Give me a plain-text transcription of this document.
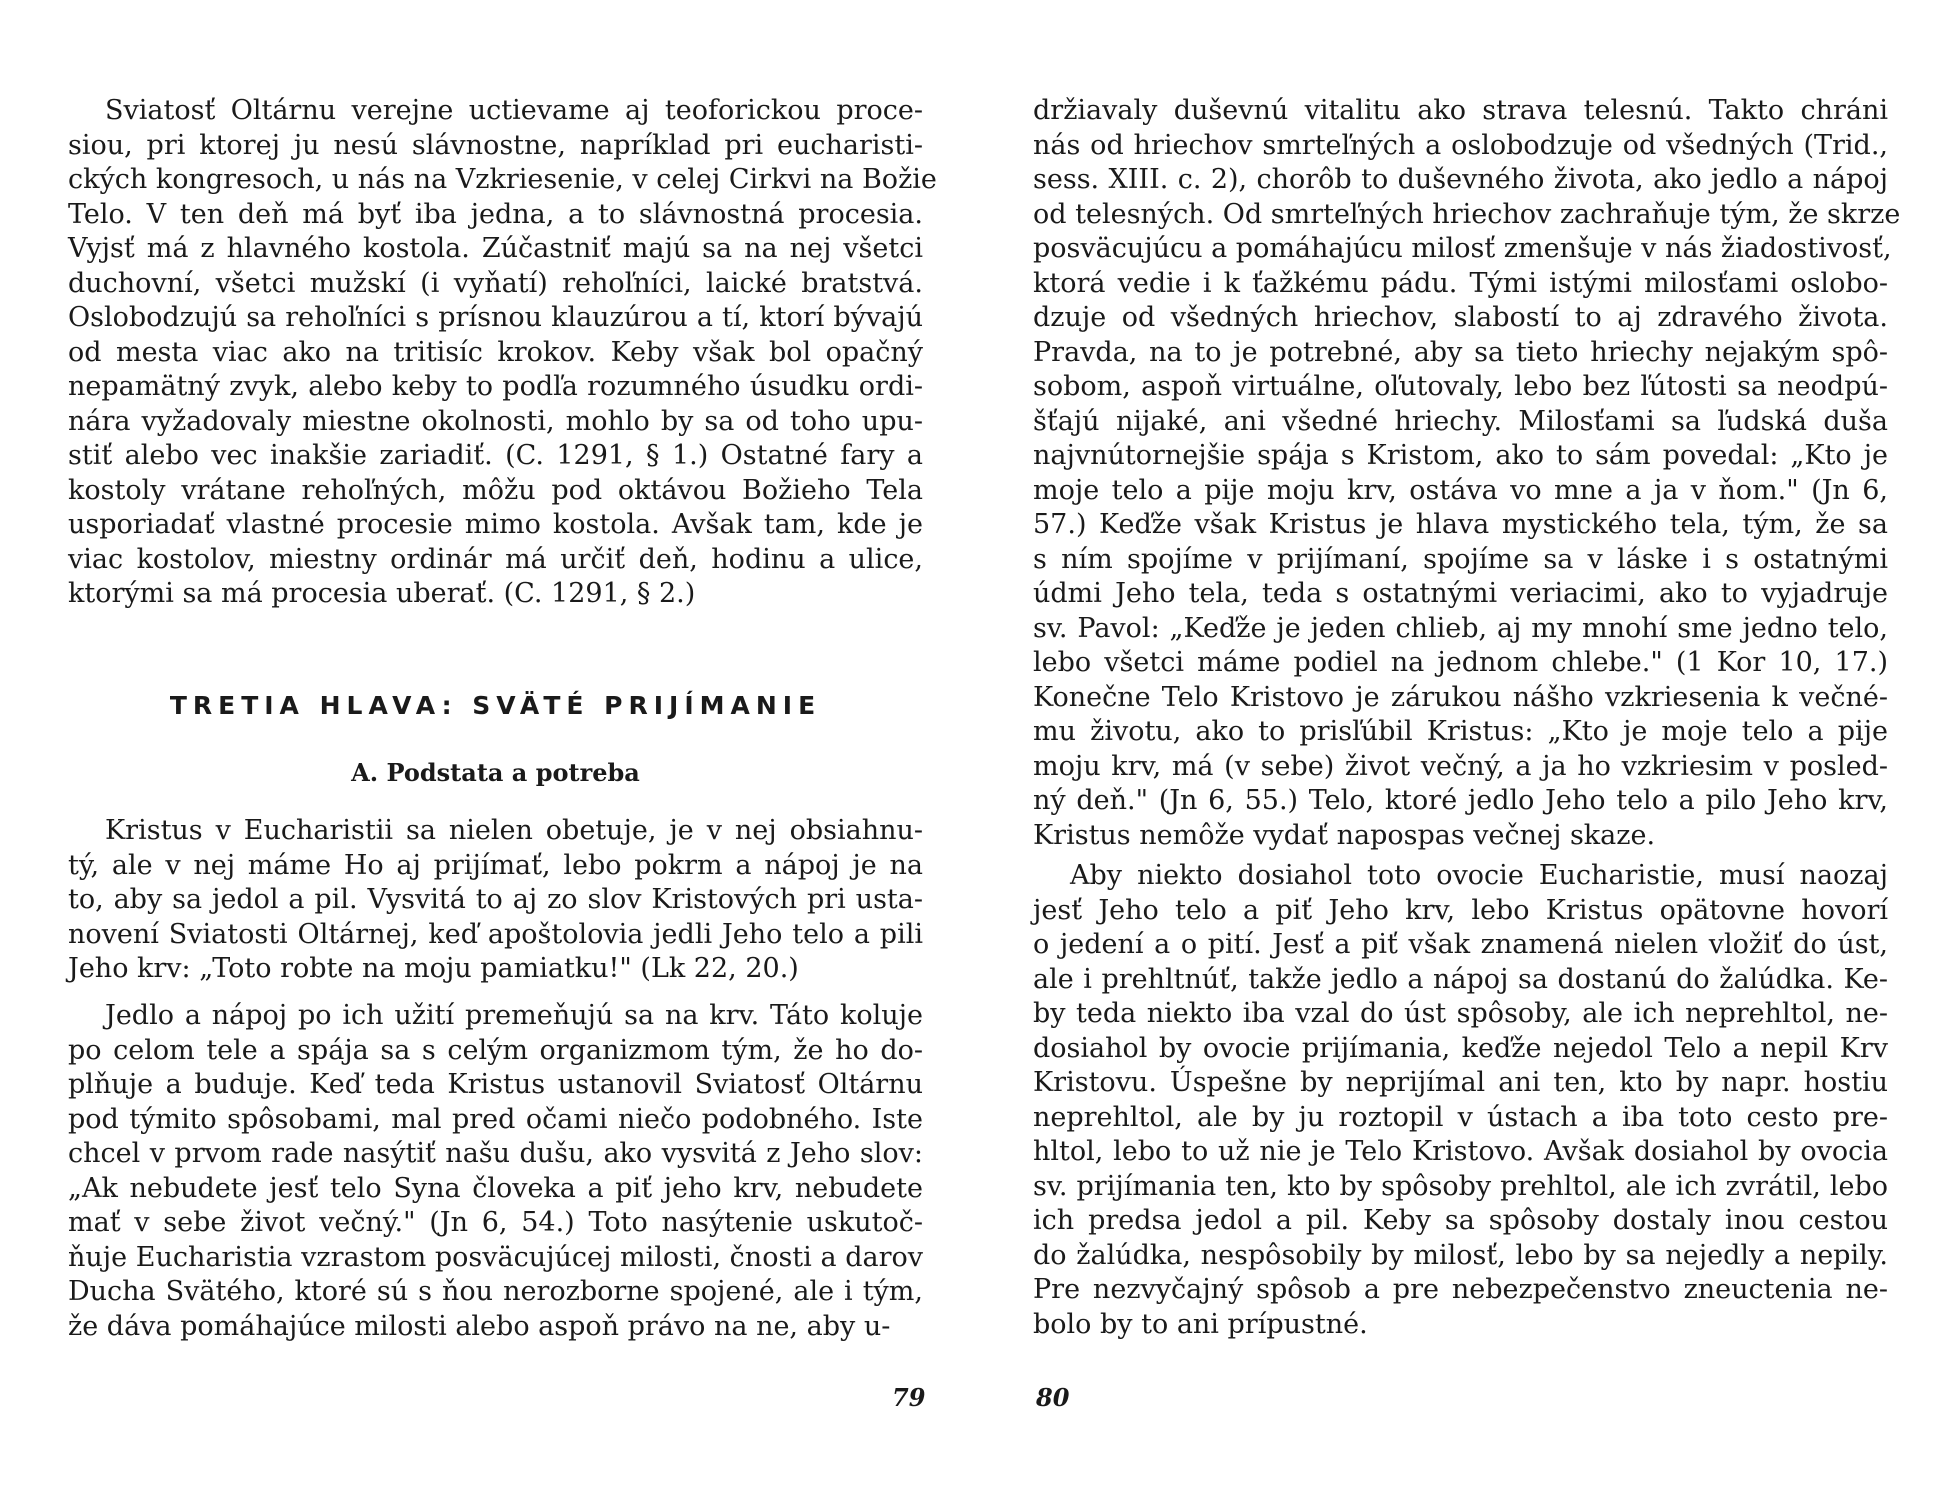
Sviatosť Oltárnu verejne uctievame aj teoforickou proce-
siou, pri ktorej ju nesú slávnostne, napríklad pri eucharisti-
ckých kongresoch, u nás na Vzkriesenie, v celej Cirkvi na Božie
Telo. V ten deň má byť iba jedna, a to slávnostná procesia.
Vyjsť má z hlavného kostola. Zúčastniť majú sa na nej všetci
duchovní, všetci mužskí (i vyňatí) rehoľníci, laické bratstvá.
Oslobodzujú sa rehoľníci s prísnou klauzúrou a tí, ktorí bývajú
od mesta viac ako na tritisíc krokov. Keby však bol opačný
nepamätný zvyk, alebo keby to podľa rozumného úsudku ordi-
nára vyžadovaly miestne okolnosti, mohlo by sa od toho upu-
stiť alebo vec inakšie zariadiť. (C. 1291, § 1.) Ostatné fary a
kostoly vrátane rehoľných, môžu pod oktávou Božieho Tela
usporiadať vlastné procesie mimo kostola. Avšak tam, kde je
viac kostolov, miestny ordinár má určiť deň, hodinu a ulice,
ktorými sa má procesia uberať. (C. 1291, § 2.)
TRETIA HLAVA: SVÄTÉ PRIJÍMANIE
A. Podstata a potreba
Kristus v Eucharistii sa nielen obetuje, je v nej obsiahnu-
tý, ale v nej máme Ho aj prijímať, lebo pokrm a nápoj je na
to, aby sa jedol a pil. Vysvitá to aj zo slov Kristových pri usta-
novení Sviatosti Oltárnej, keď apoštolovia jedli Jeho telo a pili
Jeho krv: „Toto robte na moju pamiatku!" (Lk 22, 20.)
Jedlo a nápoj po ich užití premeňujú sa na krv. Táto koluje
po celom tele a spája sa s celým organizmom tým, že ho do-
plňuje a buduje. Keď teda Kristus ustanovil Sviatosť Oltárnu
pod týmito spôsobami, mal pred očami niečo podobného. Iste
chcel v prvom rade nasýtiť našu dušu, ako vysvitá z Jeho slov:
„Ak nebudete jesť telo Syna človeka a piť jeho krv, nebudete
mať v sebe život večný." (Jn 6, 54.) Toto nasýtenie uskutoč-
ňuje Eucharistia vzrastom posväcujúcej milosti, čnosti a darov
Ducha Svätého, ktoré sú s ňou nerozborne spojené, ale i tým,
že dáva pomáhajúce milosti alebo aspoň právo na ne, aby u-
79
držiavaly duševnú vitalitu ako strava telesnú. Takto chráni
nás od hriechov smrteľných a oslobodzuje od všedných (Trid.,
sess. XIII. c. 2), chorôb to duševného života, ako jedlo a nápoj
od telesných. Od smrteľných hriechov zachraňuje tým, že skrze
posväcujúcu a pomáhajúcu milosť zmenšuje v nás žiadostivosť,
ktorá vedie i k ťažkému pádu. Tými istými milosťami oslobo-
dzuje od všedných hriechov, slabostí to aj zdravého života.
Pravda, na to je potrebné, aby sa tieto hriechy nejakým spô-
sobom, aspoň virtuálne, oľutovaly, lebo bez ľútosti sa neodpú-
šťajú nijaké, ani všedné hriechy. Milosťami sa ľudská duša
najvnútornejšie spája s Kristom, ako to sám povedal: „Kto je
moje telo a pije moju krv, ostáva vo mne a ja v ňom." (Jn 6,
57.) Keďže však Kristus je hlava mystického tela, tým, že sa
s ním spojíme v prijímaní, spojíme sa v láske i s ostatnými
údmi Jeho tela, teda s ostatnými veriacimi, ako to vyjadruje
sv. Pavol: „Keďže je jeden chlieb, aj my mnohí sme jedno telo,
lebo všetci máme podiel na jednom chlebe." (1 Kor 10, 17.)
Konečne Telo Kristovo je zárukou nášho vzkriesenia k večné-
mu životu, ako to prisľúbil Kristus: „Kto je moje telo a pije
moju krv, má (v sebe) život večný, a ja ho vzkriesim v posled-
ný deň." (Jn 6, 55.) Telo, ktoré jedlo Jeho telo a pilo Jeho krv,
Kristus nemôže vydať napospas večnej skaze.
Aby niekto dosiahol toto ovocie Eucharistie, musí naozaj
jesť Jeho telo a piť Jeho krv, lebo Kristus opätovne hovorí
o jedení a o pití. Jesť a piť však znamená nielen vložiť do úst,
ale i prehltnúť, takže jedlo a nápoj sa dostanú do žalúdka. Ke-
by teda niekto iba vzal do úst spôsoby, ale ich neprehltol, ne-
dosiahol by ovocie prijímania, keďže nejedol Telo a nepil Krv
Kristovu. Úspešne by neprijímal ani ten, kto by napr. hostiu
neprehltol, ale by ju roztopil v ústach a iba toto cesto pre-
hltol, lebo to už nie je Telo Kristovo. Avšak dosiahol by ovocia
sv. prijímania ten, kto by spôsoby prehltol, ale ich zvrátil, lebo
ich predsa jedol a pil. Keby sa spôsoby dostaly inou cestou
do žalúdka, nespôsobily by milosť, lebo by sa nejedly a nepily.
Pre nezvyčajný spôsob a pre nebezpečenstvo zneuctenia ne-
bolo by to ani prípustné.
80
